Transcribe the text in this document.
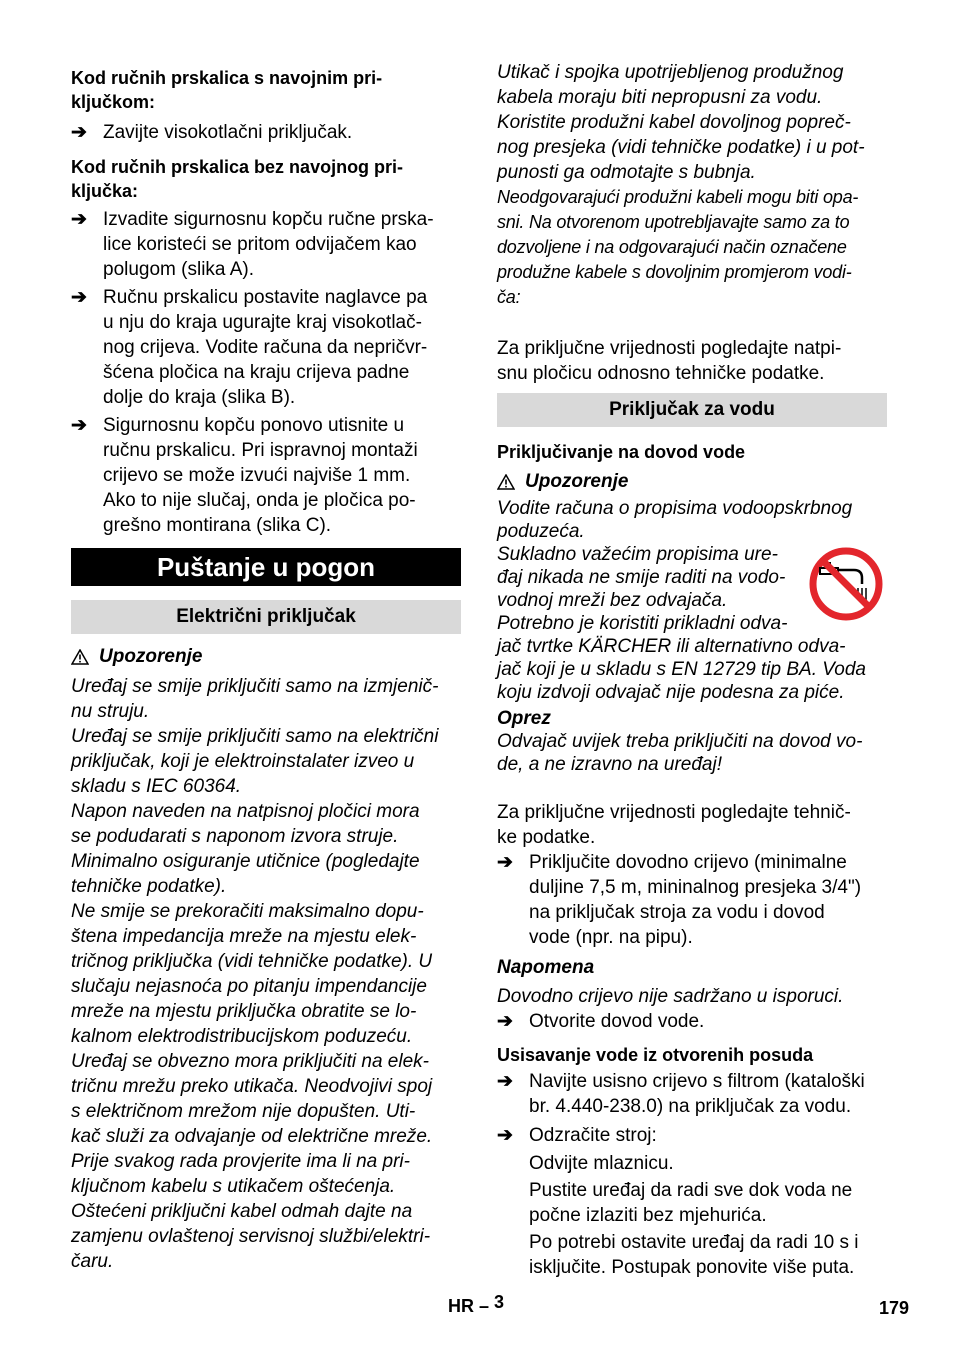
Kod ručnih prskalica s navojnim pri-
ključkom:
➔ Zavijte visokotlačni priključak.
Kod ručnih prskalica bez navojnog pri-
ključka:
➔ Izvadite sigurnosnu kopču ručne prska-
lice koristeći se pritom odvijačem kao
polugom (slika A).
➔ Ručnu prskalicu postavite naglavce pa
u nju do kraja ugurajte kraj visokotlač-
nog crijeva. Vodite računa da nepričvr-
šćena pločica na kraju crijeva padne
dolje do kraja (slika B).
➔ Sigurnosnu kopču ponovo utisnite u
ručnu prskalicu. Pri ispravnoj montaži
crijevo se može izvući najviše 1 mm.
Ako to nije slučaj, onda je pločica po-
grešno montirana (slika C).
Puštanje u pogon
Električni priključak
Upozorenje
Uređaj se smije priključiti samo na izmjenič-
nu struju.
Uređaj se smije priključiti samo na električni
priključak, koji je elektroinstalater izveo u
skladu s IEC 60364.
Napon naveden na natpisnoj pločici mora
se podudarati s naponom izvora struje.
Minimalno osiguranje utičnice (pogledajte
tehničke podatke).
Ne smije se prekoračiti maksimalno dopu-
štena impedancija mreže na mjestu elek-
tričnog priključka (vidi tehničke podatke). U
slučaju nejasnoća po pitanju impendancije
mreže na mjestu priključka obratite se lo-
kalnom elektrodistribucijskom poduzeću.
Uređaj se obvezno mora priključiti na elek-
tričnu mrežu preko utikača. Neodvojivi spoj
s električnom mrežom nije dopušten. Uti-
kač služi za odvajanje od električne mreže.
Prije svakog rada provjerite ima li na pri-
ključnom kabelu s utikačem oštećenja.
Oštećeni priključni kabel odmah dajte na
zamjenu ovlaštenoj servisnoj službi/elektri-
čaru.
Utikač i spojka upotrijebljenog produžnog
kabela moraju biti nepropusni za vodu.
Koristite produžni kabel dovoljnog popreč-
nog presjeka (vidi tehničke podatke) i u pot-
punosti ga odmotajte s bubnja.
Neodgovarajući produžni kabeli mogu biti opa-
sni. Na otvorenom upotrebljavajte samo za to
dozvoljene i na odgovarajući način označene
produžne kabele s dovoljnim promjerom vodi-
ča:
Za priključne vrijednosti pogledajte natpi-
snu pločicu odnosno tehničke podatke.
Priključak za vodu
Priključivanje na dovod vode
Upozorenje
Vodite računa o propisima vodoopskrbnog
poduzeća.
Sukladno važećim propisima ure-
đaj nikada ne smije raditi na vodo-
vodnoj mreži bez odvajača.
Potrebno je koristiti prikladni odva-
jač tvrtke KÄRCHER ili alternativno odva-
jač koji je u skladu s EN 12729 tip BA. Voda
koju izdvoji odvajač nije podesna za piće.
Oprez
Odvajač uvijek treba priključiti na dovod vo-
de, a ne izravno na uređaj!
Za priključne vrijednosti pogledajte tehnič-
ke podatke.
➔ Priključite dovodno crijevo (minimalne
duljine 7,5 m, mininalnog presjeka 3/4")
na priključak stroja za vodu i dovod
vode (npr. na pipu).
Napomena
Dovodno crijevo nije sadržano u isporuci.
➔ Otvorite dovod vode.
Usisavanje vode iz otvorenih posuda
➔ Navijte usisno crijevo s filtrom (kataloški
br. 4.440-238.0) na priključak za vodu.
➔ Odzračite stroj:
Odvijte mlaznicu.
Pustite uređaj da radi sve dok voda ne
počne izlaziti bez mjehurića.
Po potrebi ostavite uređaj da radi 10 s i
isključite. Postupak ponovite više puta.
HR – 3	179
